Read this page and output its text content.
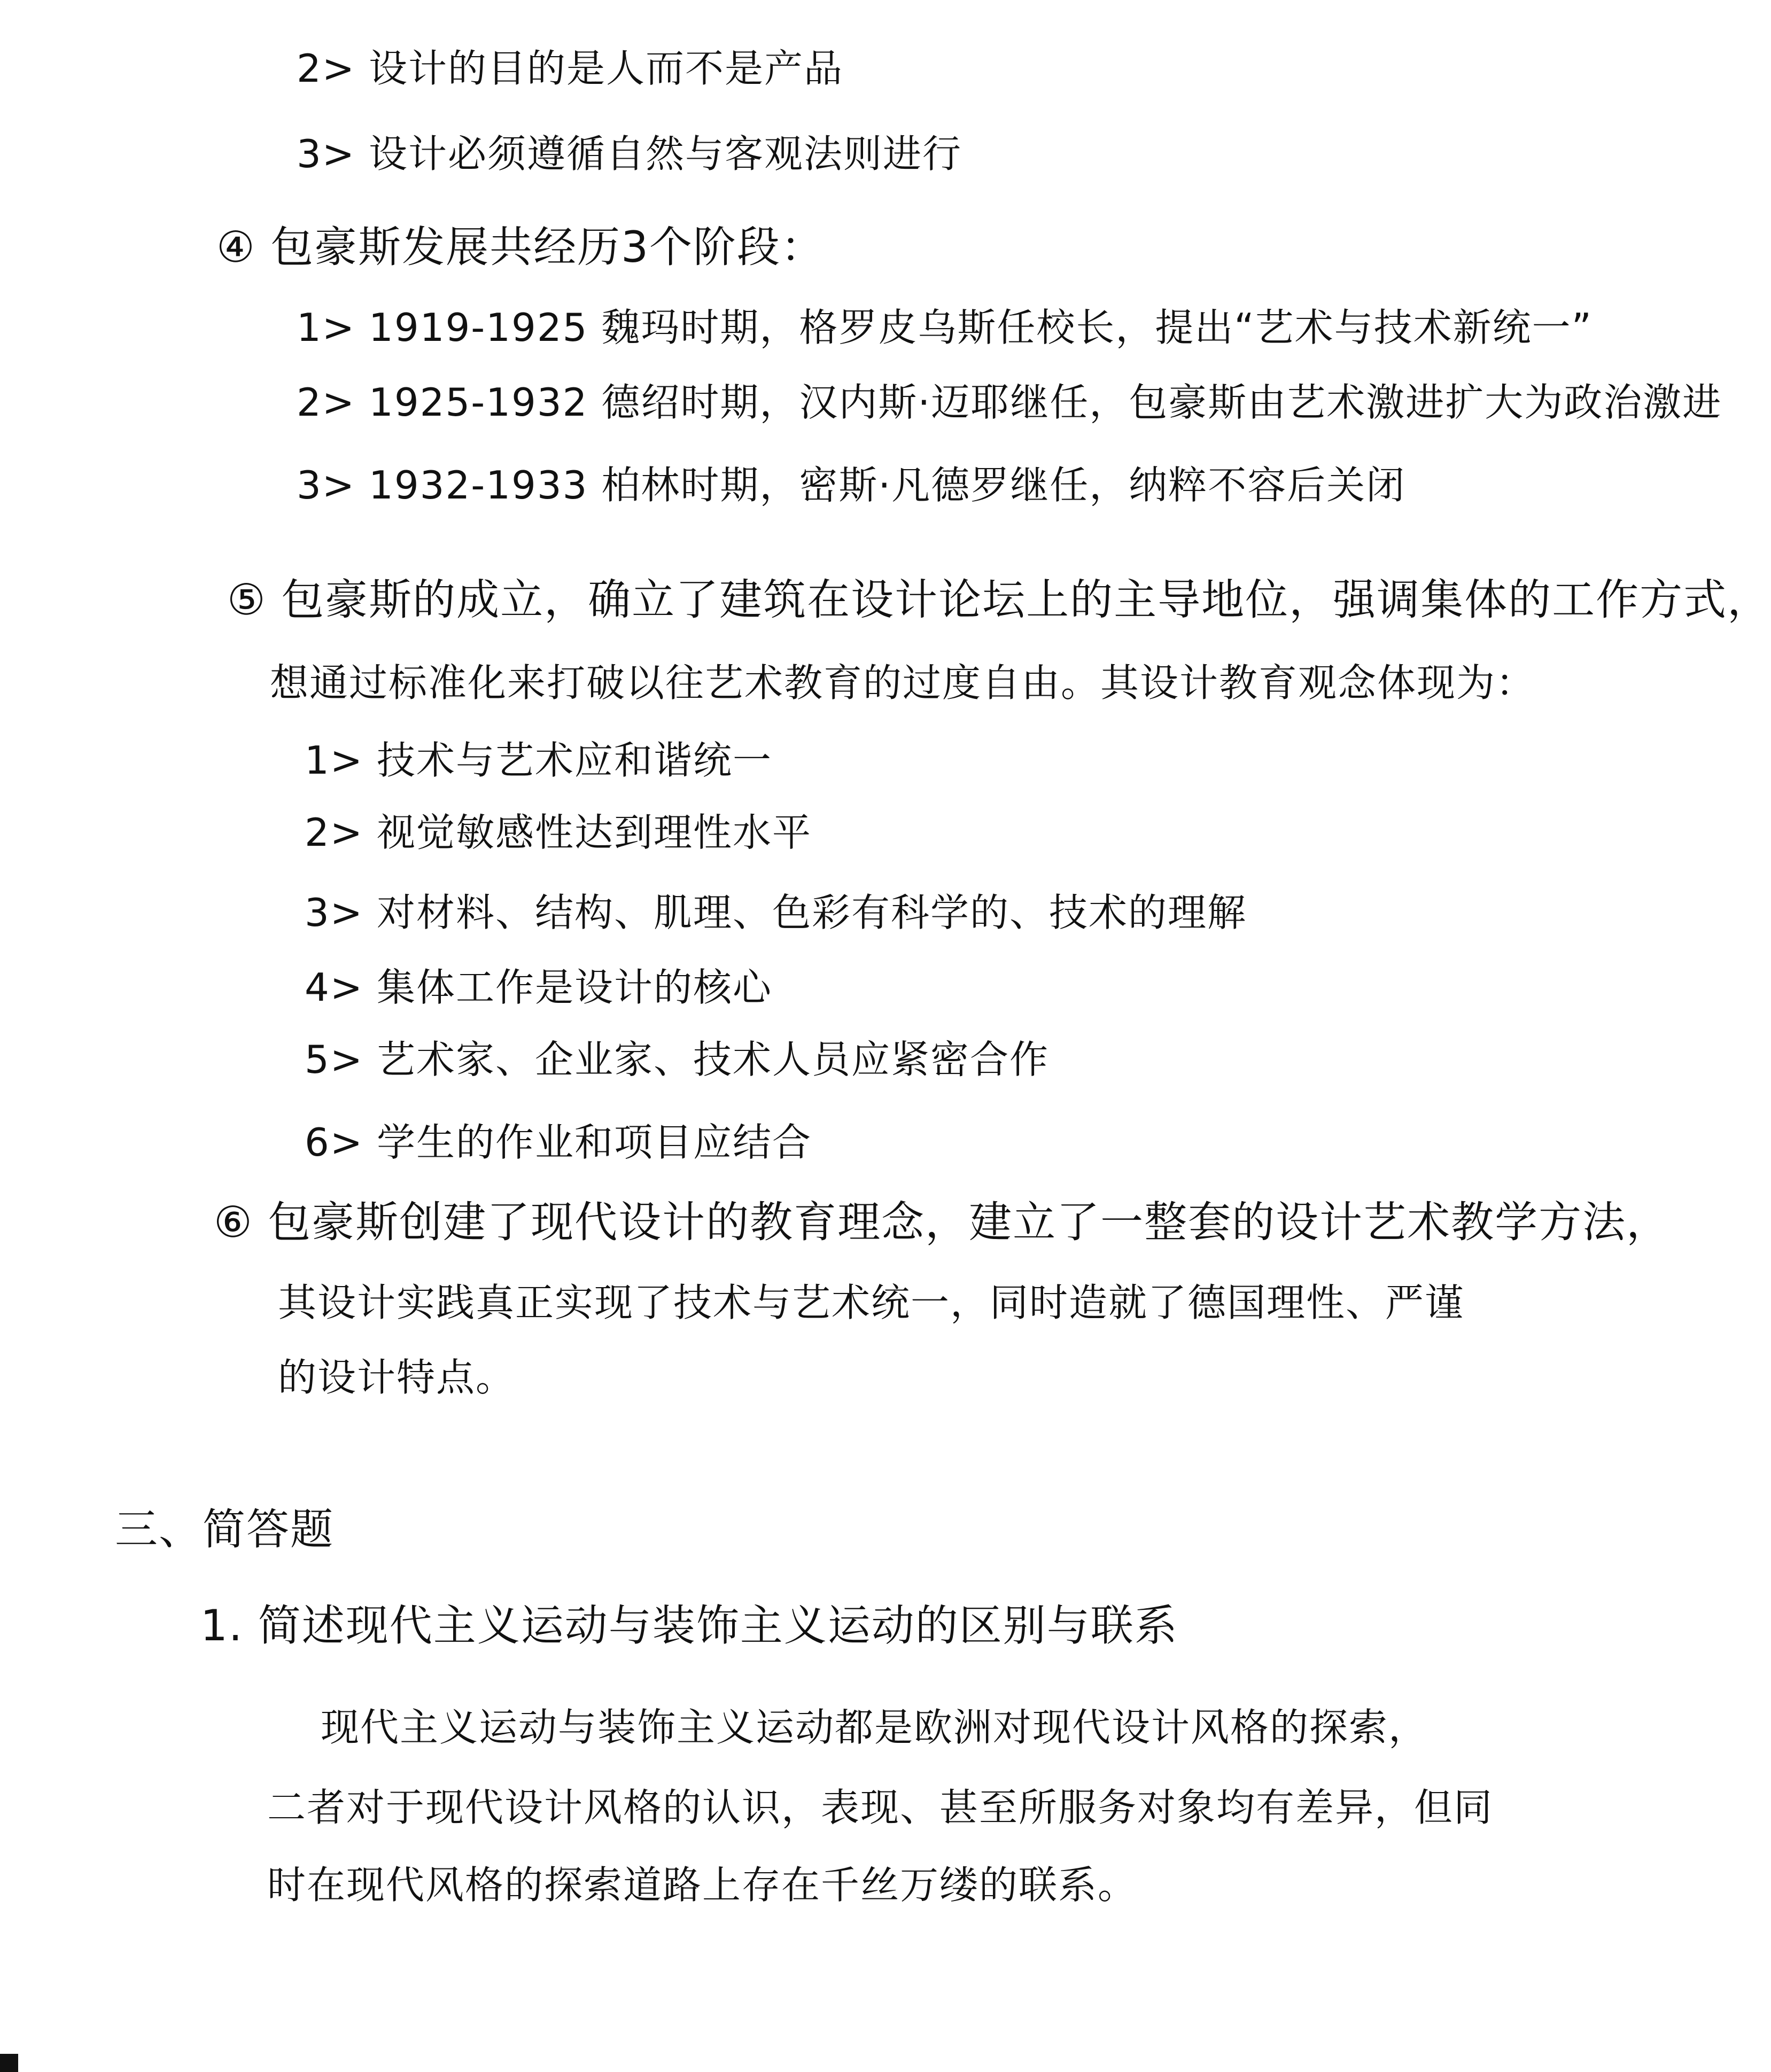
2> 设计的目的是人而不是产品
3> 设计必须遵循自然与客观法则进行
④ 包豪斯发展共经历3个阶段：
1> 1919-1925 魏玛时期，格罗皮乌斯任校长，提出“艺术与技术新统一”
2> 1925-1932 德绍时期，汉内斯·迈耶继任，包豪斯由艺术激进扩大为政治激进
3> 1932-1933 柏林时期，密斯·凡德罗继任，纳粹不容后关闭
⑤ 包豪斯的成立，确立了建筑在设计论坛上的主导地位，强调集体的工作方式，
想通过标准化来打破以往艺术教育的过度自由。其设计教育观念体现为：
1> 技术与艺术应和谐统一
2> 视觉敏感性达到理性水平
3> 对材料、结构、肌理、色彩有科学的、技术的理解
4> 集体工作是设计的核心
5> 艺术家、企业家、技术人员应紧密合作
6> 学生的作业和项目应结合
⑥ 包豪斯创建了现代设计的教育理念，建立了一整套的设计艺术教学方法，
其设计实践真正实现了技术与艺术统一，同时造就了德国理性、严谨
的设计特点。
三、简答题
1. 简述现代主义运动与装饰主义运动的区别与联系
现代主义运动与装饰主义运动都是欧洲对现代设计风格的探索，
二者对于现代设计风格的认识，表现、甚至所服务对象均有差异，但同
时在现代风格的探索道路上存在千丝万缕的联系。
